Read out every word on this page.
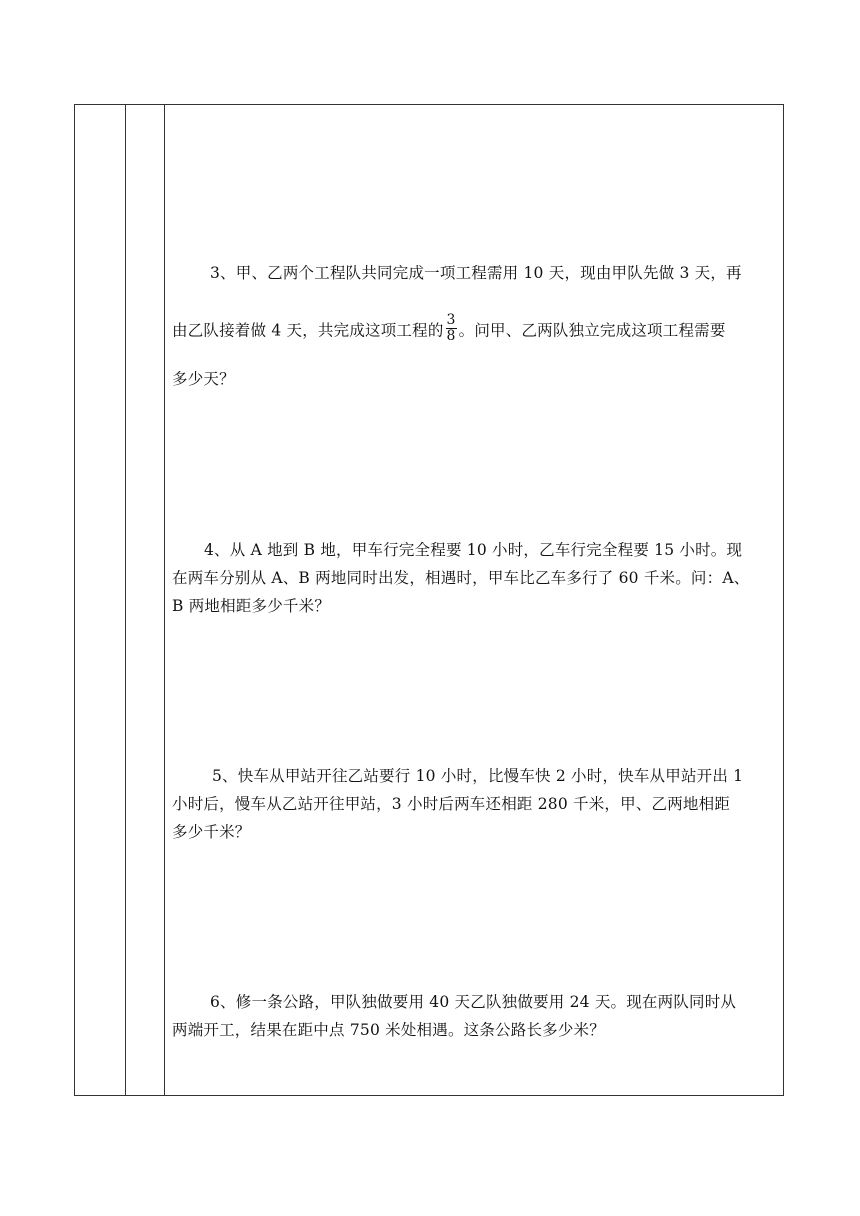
3、甲、乙两个工程队共同完成一项工程需用 10 天，现由甲队先做 3 天，再
由乙队接着做 4 天，共完成这项工程的 $\frac{3}{8}$ 。问甲、乙两队独立完成这项工程需要
多少天？
4、从 A 地到 B 地，甲车行完全程要 10 小时，乙车行完全程要 15 小时。现
在两车分别从 A、B 两地同时出发，相遇时，甲车比乙车多行了 60 千米。问：A、
B 两地相距多少千米？
5、快车从甲站开往乙站要行 10 小时，比慢车快 2 小时，快车从甲站开出 1
小时后，慢车从乙站开往甲站，3 小时后两车还相距 280 千米，甲、乙两地相距
多少千米？
6、修一条公路，甲队独做要用 40 天乙队独做要用 24 天。现在两队同时从
两端开工，结果在距中点 750 米处相遇。这条公路长多少米？
